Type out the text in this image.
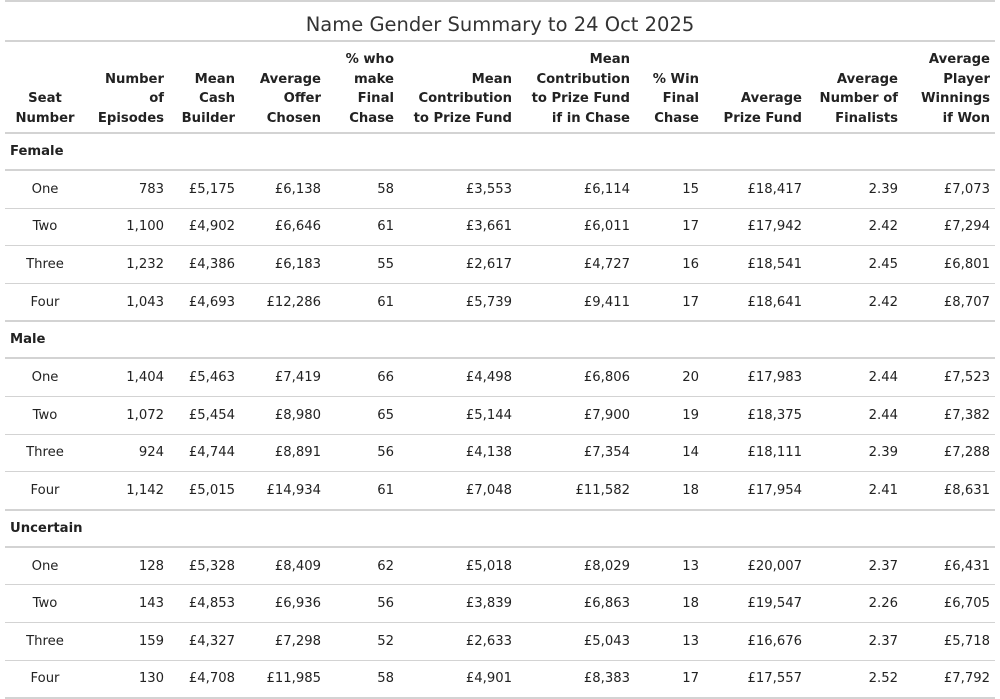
Name Gender Summary to 24 Oct 2025
Seat Number	Number of Episodes	Mean Cash Builder	Average Offer Chosen	% who make Final Chase	Mean Contribution to Prize Fund	Mean Contribution to Prize Fund if in Chase	% Win Final Chase	Average Prize Fund	Average Number of Finalists	Average Player Winnings if Won
Female										
One	783	£5,175	£6,138	58	£3,553	£6,114	15	£18,417	2.39	£7,073
Two	1,100	£4,902	£6,646	61	£3,661	£6,011	17	£17,942	2.42	£7,294
Three	1,232	£4,386	£6,183	55	£2,617	£4,727	16	£18,541	2.45	£6,801
Four	1,043	£4,693	£12,286	61	£5,739	£9,411	17	£18,641	2.42	£8,707
Male										
One	1,404	£5,463	£7,419	66	£4,498	£6,806	20	£17,983	2.44	£7,523
Two	1,072	£5,454	£8,980	65	£5,144	£7,900	19	£18,375	2.44	£7,382
Three	924	£4,744	£8,891	56	£4,138	£7,354	14	£18,111	2.39	£7,288
Four	1,142	£5,015	£14,934	61	£7,048	£11,582	18	£17,954	2.41	£8,631
Uncertain										
One	128	£5,328	£8,409	62	£5,018	£8,029	13	£20,007	2.37	£6,431
Two	143	£4,853	£6,936	56	£3,839	£6,863	18	£19,547	2.26	£6,705
Three	159	£4,327	£7,298	52	£2,633	£5,043	13	£16,676	2.37	£5,718
Four	130	£4,708	£11,985	58	£4,901	£8,383	17	£17,557	2.52	£7,792
